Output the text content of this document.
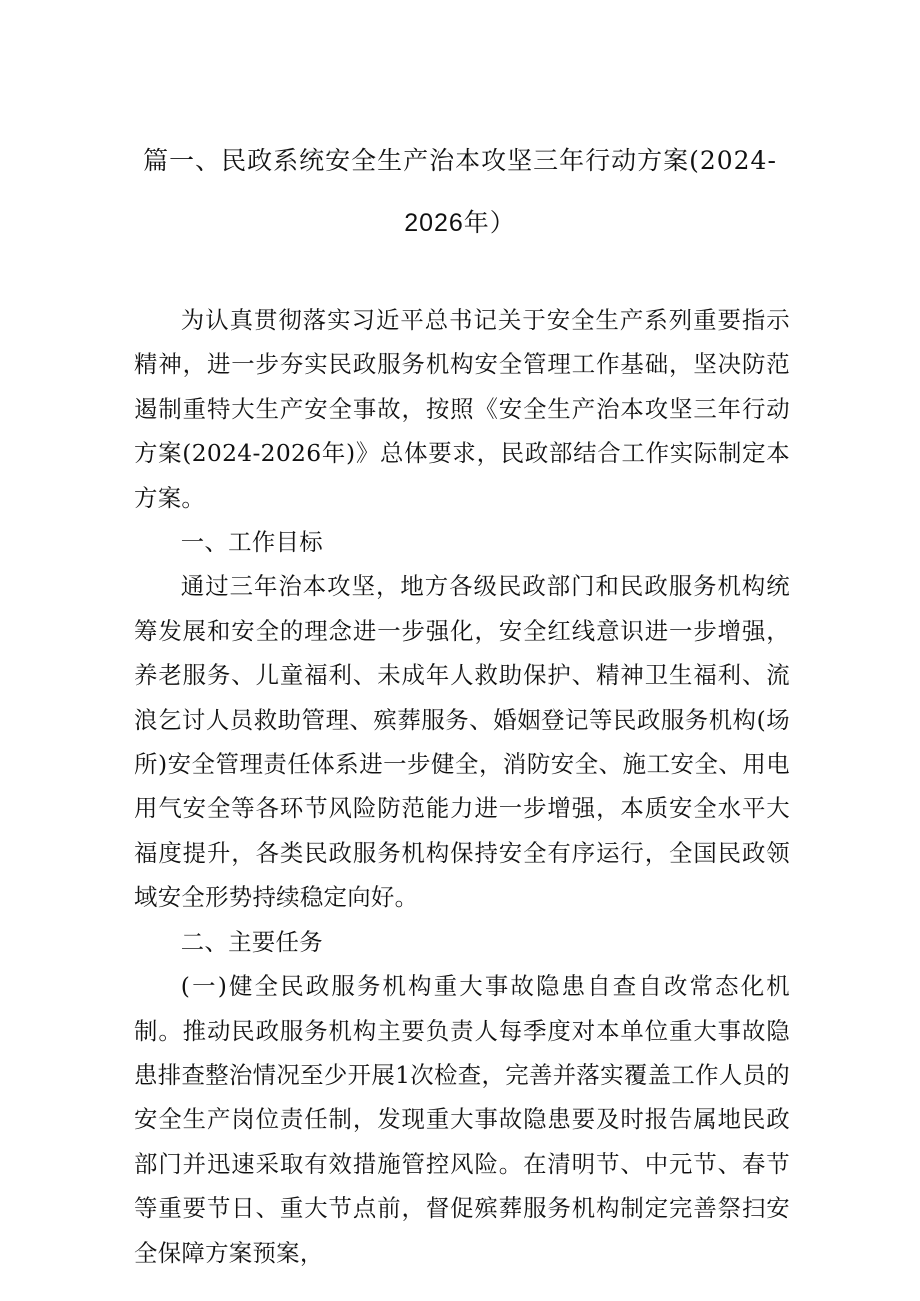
篇一、民政系统安全生产治本攻坚三年行动方案(2024-
2026年）

为认真贯彻落实习近平总书记关于安全生产系列重要指示精神，进一步夯实民政服务机构安全管理工作基础，坚决防范遏制重特大生产安全事故，按照《安全生产治本攻坚三年行动方案(2024-2026年)》总体要求，民政部结合工作实际制定本方案。

一、工作目标

通过三年治本攻坚，地方各级民政部门和民政服务机构统筹发展和安全的理念进一步强化，安全红线意识进一步增强，养老服务、儿童福利、未成年人救助保护、精神卫生福利、流浪乞讨人员救助管理、殡葬服务、婚姻登记等民政服务机构(场所)安全管理责任体系进一步健全，消防安全、施工安全、用电用气安全等各环节风险防范能力进一步增强，本质安全水平大福度提升，各类民政服务机构保持安全有序运行，全国民政领域安全形势持续稳定向好。

二、主要任务

(一)健全民政服务机构重大事故隐患自查自改常态化机制。推动民政服务机构主要负责人每季度对本单位重大事故隐患排查整治情况至少开展1次检查，完善并落实覆盖工作人员的安全生产岗位责任制，发现重大事故隐患要及时报告属地民政部门并迅速采取有效措施管控风险。在清明节、中元节、春节等重要节日、重大节点前，督促殡葬服务机构制定完善祭扫安全保障方案预案，
